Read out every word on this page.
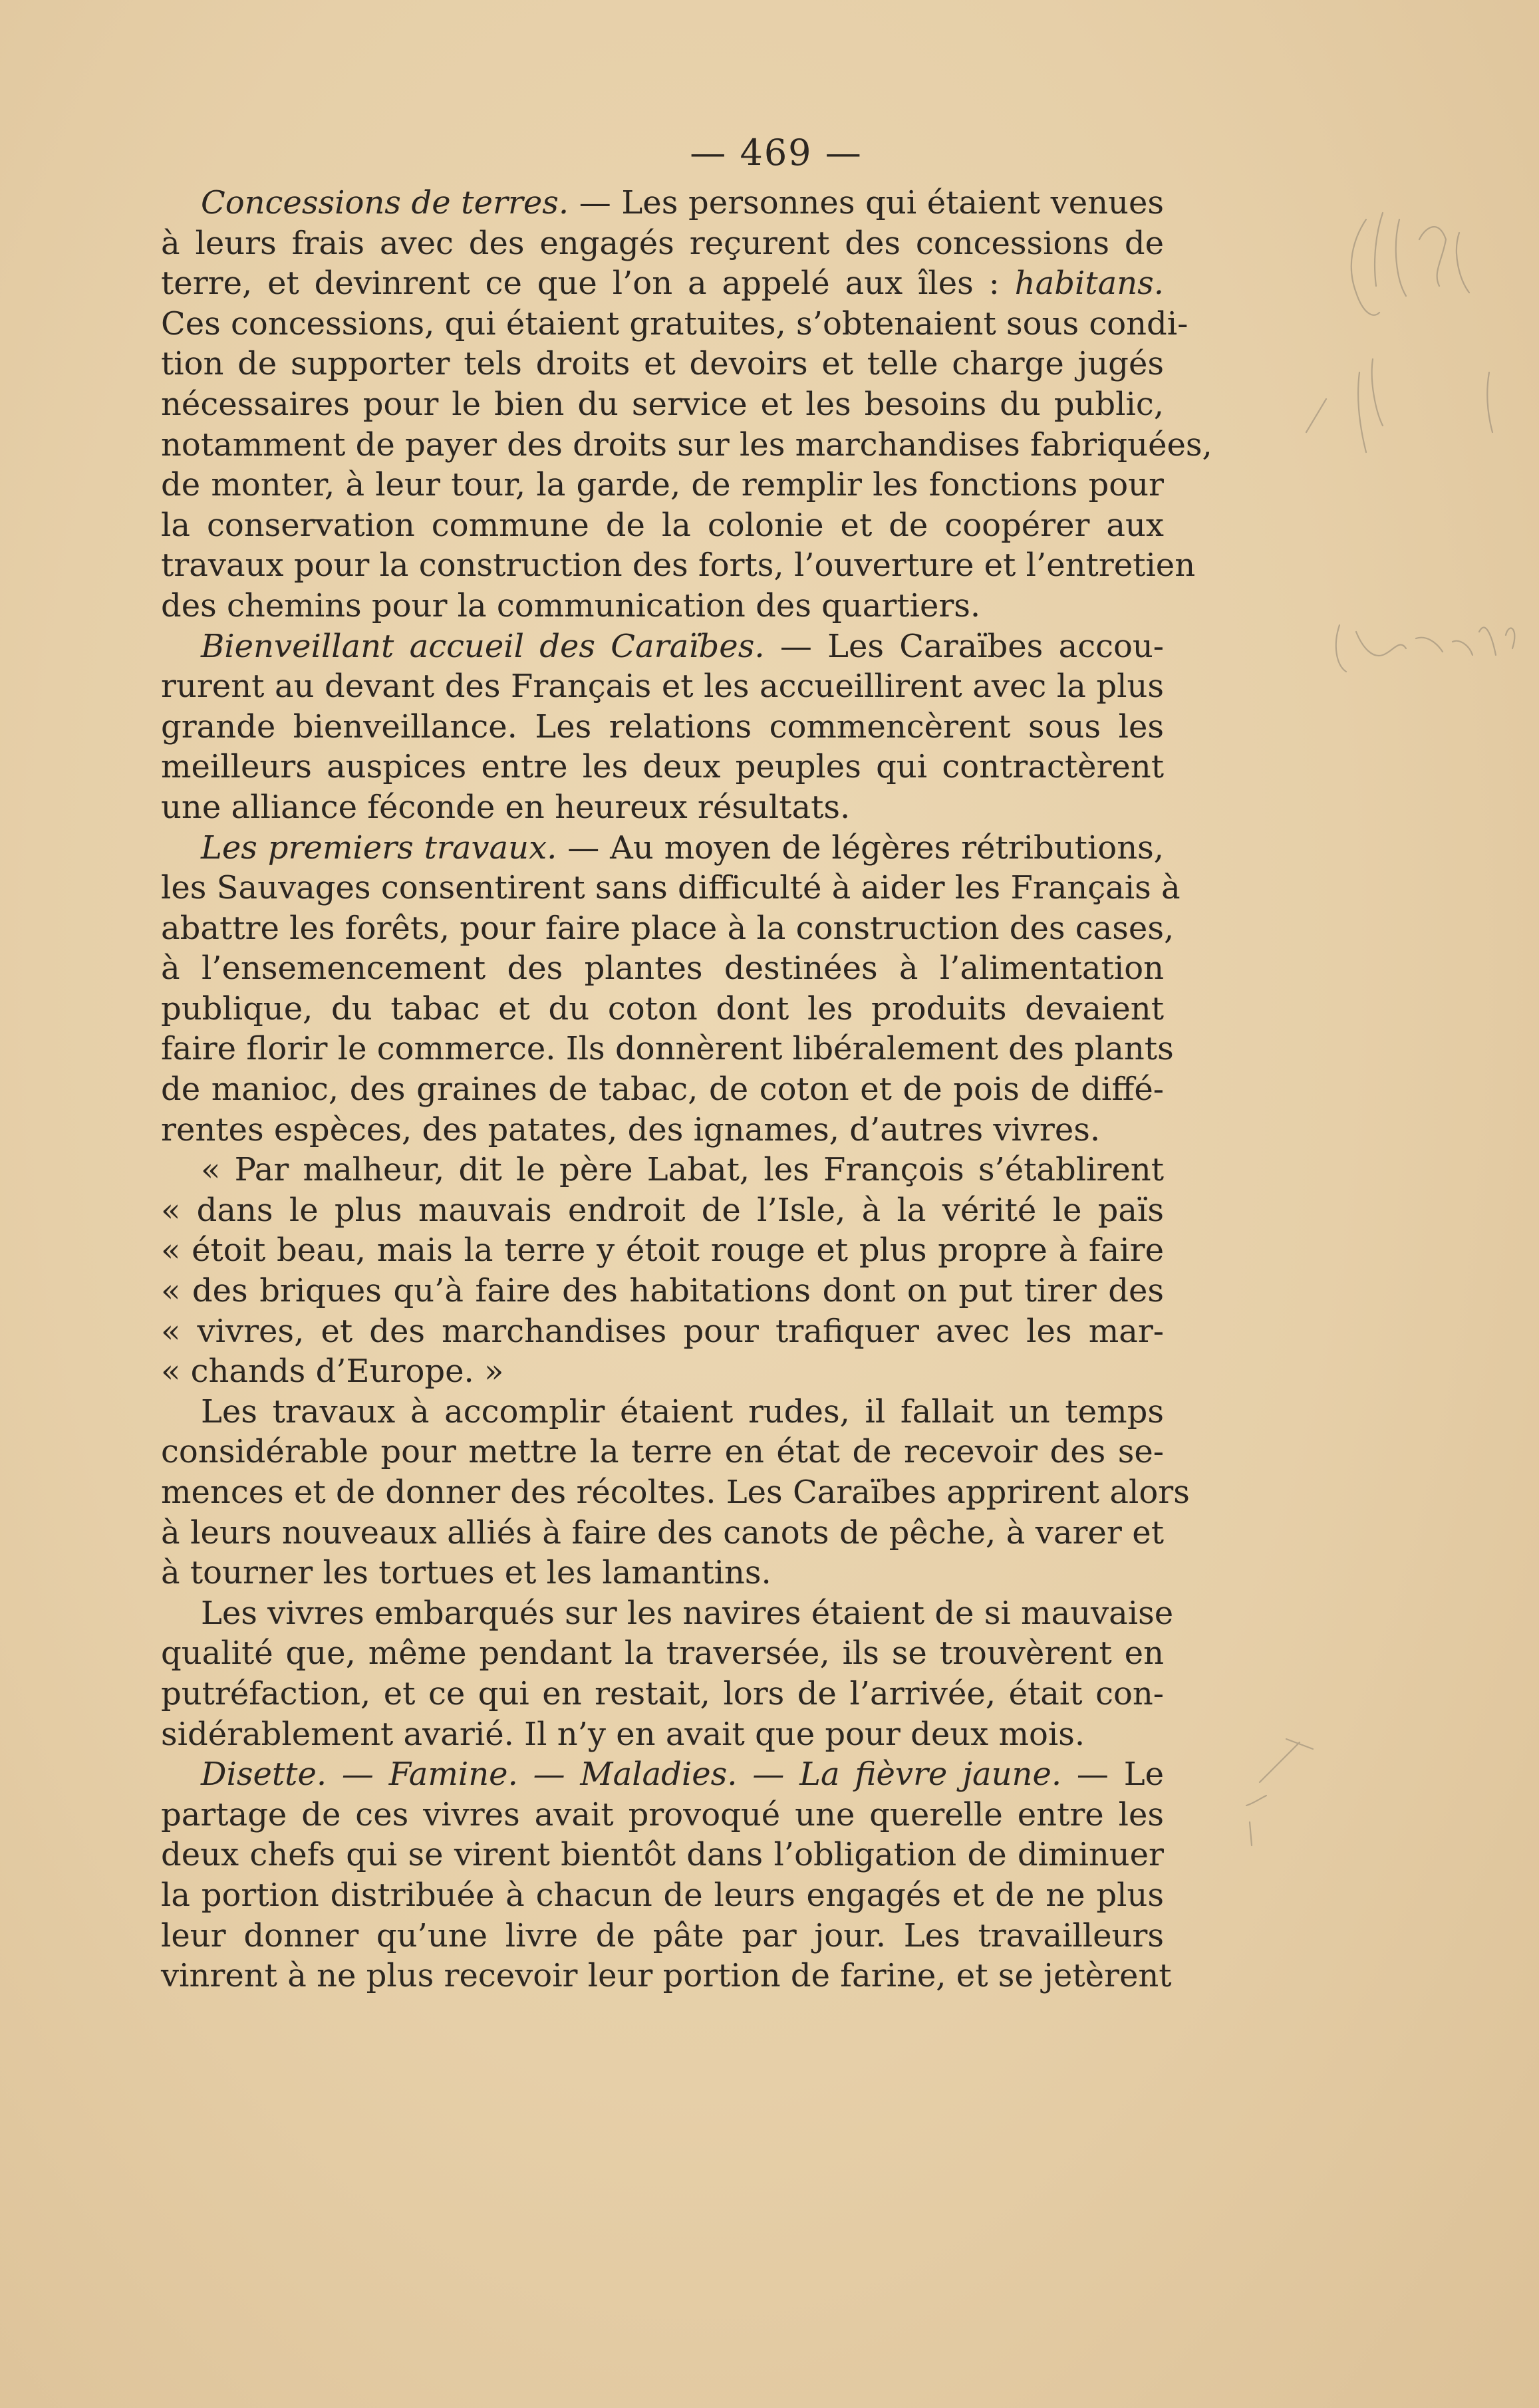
— 469 —
Concessions de terres. — Les personnes qui étaient venues
à leurs frais avec des engagés reçurent des concessions de
terre, et devinrent ce que l’on a appelé aux îles : habitans.
Ces concessions, qui étaient gratuites, s’obtenaient sous condi-
tion de supporter tels droits et devoirs et telle charge jugés
nécessaires pour le bien du service et les besoins du public,
notamment de payer des droits sur les marchandises fabriquées,
de monter, à leur tour, la garde, de remplir les fonctions pour
la conservation commune de la colonie et de coopérer aux
travaux pour la construction des forts, l’ouverture et l’entretien
des chemins pour la communication des quartiers.
Bienveillant accueil des Caraïbes. — Les Caraïbes accou-
rurent au devant des Français et les accueillirent avec la plus
grande bienveillance. Les relations commencèrent sous les
meilleurs auspices entre les deux peuples qui contractèrent
une alliance féconde en heureux résultats.
Les premiers travaux. — Au moyen de légères rétributions,
les Sauvages consentirent sans difficulté à aider les Français à
abattre les forêts, pour faire place à la construction des cases,
à l’ensemencement des plantes destinées à l’alimentation
publique, du tabac et du coton dont les produits devaient
faire florir le commerce. Ils donnèrent libéralement des plants
de manioc, des graines de tabac, de coton et de pois de diffé-
rentes espèces, des patates, des ignames, d’autres vivres.
« Par malheur, dit le père Labat, les François s’établirent
« dans le plus mauvais endroit de l’Isle, à la vérité le païs
« étoit beau, mais la terre y étoit rouge et plus propre à faire
« des briques qu’à faire des habitations dont on put tirer des
« vivres, et des marchandises pour trafiquer avec les mar-
« chands d’Europe. »
Les travaux à accomplir étaient rudes, il fallait un temps
considérable pour mettre la terre en état de recevoir des se-
mences et de donner des récoltes. Les Caraïbes apprirent alors
à leurs nouveaux alliés à faire des canots de pêche, à varer et
à tourner les tortues et les lamantins.
Les vivres embarqués sur les navires étaient de si mauvaise
qualité que, même pendant la traversée, ils se trouvèrent en
putréfaction, et ce qui en restait, lors de l’arrivée, était con-
sidérablement avarié. Il n’y en avait que pour deux mois.
Disette. — Famine. — Maladies. — La fièvre jaune. — Le
partage de ces vivres avait provoqué une querelle entre les
deux chefs qui se virent bientôt dans l’obligation de diminuer
la portion distribuée à chacun de leurs engagés et de ne plus
leur donner qu’une livre de pâte par jour. Les travailleurs
vinrent à ne plus recevoir leur portion de farine, et se jetèrent
